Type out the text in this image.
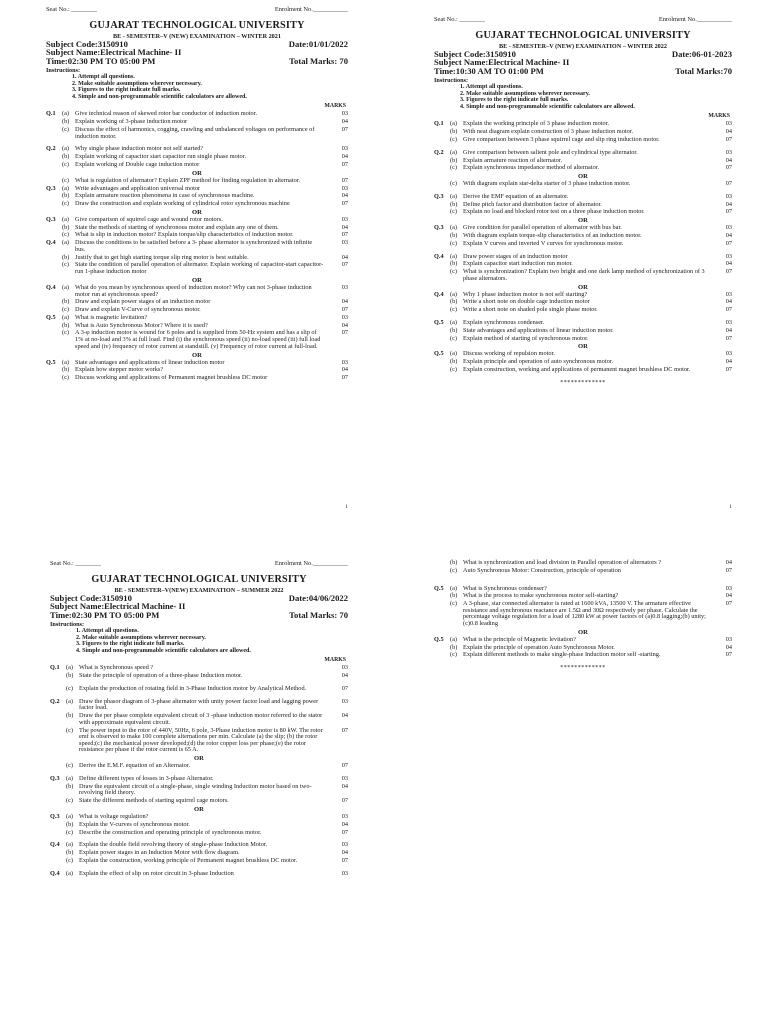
Seat No.: ________	Enrolment No.___________
GUJARAT TECHNOLOGICAL UNIVERSITY
BE - SEMESTER–V (NEW) EXAMINATION – WINTER 2021
Subject Code:3150910	Date:01/01/2022
Subject Name:Electrical Machine- II
Time:02:30 PM TO 05:00 PM	Total Marks: 70
Instructions:
1. Attempt all questions.
2. Make suitable assumptions wherever necessary.
3. Figures to the right indicate full marks.
4. Simple and non-programmable scientific calculators are allowed.
MARKS
Q.1	(a) Give technical reason of skewed rotor bar conductor of induction motor.	03
(b) Explain working of 3-phase induction motor	04
(c) Discuss the effect of harmonics, cogging, crawling and unbalanced voltages on performance of induction motor.
07
Q.2	(a) Why single phase induction motor not self started?	03
(b) Explain working of capacitor start capacitor run single phase motor.	04
(c) Explain working of Double cage induction motor	07
OR
(c) What is regulation of alternator? Explain ZPF method for finding regulation in alternator.	07
Q.3	(a) Write advantages and application universal motor	03
(b) Explain armature reaction phenomena in case of synchronous machine.	04
(c) Draw the construction and explain working of cylindrical rotor synchronous machine	07
OR
Q.3	(a) Give comparison of squirrel cage and wound rotor motors.	03
(b) State the methods of starting of synchronous motor and explain any one of them.	04
(c) What is slip in induction motor? Explain torque/slip characteristics of induction motor.	07
Q.4	(a) Discuss the conditions to be satisfied before a 3- phase alternator is synchronized with infinite bus.
03
(b) Justify that to get high starting torque slip ring motor is best suitable.	04
(c) State the condition of parallel operation of alternator. Explain working of capacitor-start capacitor-run 1-phase induction motor
07
OR
Q.4	(a) What do you mean by synchronous speed of induction motor? Why can not 3-phase induction motor run at synchronous speed?
03
(b) Draw and explain power stages of an induction motor	04
(c) Draw and explain V-Curve of synchronous motor.	07
Q.5	(a) What is magnetic levitation?	03
(b) What is Auto Synchronous Motor? Where it is used?	04
(c) A 3-φ induction motor is wound for 6 poles and is supplied from 50-Hz system and has a slip of 1% at no-load and 3% at full load. Find (i) the synchronous speed (ii) no-load speed (iii) full load speed and (iv) frequency of rotor current at standstill. (v) Frequency of rotor current at full-load.
07
OR
Q.5	(a) State advantages and applications of linear induction motor	03
(b) Explain how stepper motor works?	04
(c) Discuss working and applications of Permanent magnet brushless DC motor	07
1
Seat No.: ________	Enrolment No.___________
GUJARAT TECHNOLOGICAL UNIVERSITY
BE - SEMESTER–V (NEW) EXAMINATION – WINTER 2022
Subject Code:3150910	Date:06-01-2023
Subject Name:Electrical Machine- II
Time:10:30 AM TO 01:00 PM	Total Marks:70
Instructions:
1. Attempt all questions.
2. Make suitable assumptions wherever necessary.
3. Figures to the right indicate full marks.
4. Simple and non-programmable scientific calculators are allowed.
MARKS
Q.1	(a) Explain the working principle of 3 phase induction motor.	03
(b) With neat diagram explain construction of 3 phase induction motor.	04
(c) Give comparison between 3 phase squirrel cage and slip ring induction motor.	07
Q.2	(a) Give comparison between salient pole and cylindrical type alternator.	03
(b) Explain armature reaction of alternator.	04
(c) Explain synchronous impedance method of alternator.	07
OR
(c) With diagram explain star-delta starter of 3 phase induction motor.	07
Q.3	(a) Derive the EMF equation of an alternator.	03
(b) Define pitch factor and distribution factor of alternator.	04
(c) Explain no load and blocked rotor test on a three phase induction motor.	07
OR
Q.3	(a) Give condition for parallel operation of alternator with bus bar.	03
(b) With diagram explain torque-slip characteristics of an induction motor.	04
(c) Explain V curves and inverted V curves for synchronous motor.	07
Q.4	(a) Draw power stages of an induction motor	03
(b) Explain capacitor start induction run motor.	04
(c) What is synchronization? Explain two bright and one dark lamp method of synchronization of 3 phase alternators.
07
OR
Q.4	(a) Why 1 phase induction motor is not self starting?	03
(b) Write a short note on double cage induction motor	04
(c) Write a short note on shaded pole single phase motor.	07
Q.5	(a) Explain synchronous condenser.	03
(b) State advantages and applications of linear induction motor.	04
(c) Explain method of starting of synchronous motor.	07
OR
Q.5	(a) Discuss working of repulsion motor.	03
(b) Explain principle and operation of auto synchronous motor.	04
(c) Explain construction, working and applications of permanent magnet brushless DC motor.	07
*************
1
Seat No.: ________	Enrolment No.___________
GUJARAT TECHNOLOGICAL UNIVERSITY
BE - SEMESTER–V(NEW) EXAMINATION – SUMMER 2022
Subject Code:3150910	Date:04/06/2022
Subject Name:Electrical Machine- II
Time:02:30 PM TO 05:00 PM	Total Marks: 70
Instructions:
1. Attempt all questions.
2. Make suitable assumptions wherever necessary.
3. Figures to the right indicate full marks.
4. Simple and non-programmable scientific calculators are allowed.
MARKS
Q.1	(a) What is Synchronous speed ?	03
(b) State the principle of operation of a three-phase Induction motor.	04
(c) Explain the production of rotating field in 3-Phase Induction motor by Analytical Method.	07
Q.2	(a) Draw the phasor diagram of 3-phase alternator with unity power factor load and lagging power factor load.
03
(b) Draw the per phase complete equivalent circuit of 3 -phase induction motor referred to the stator with approximate equivalent circuit.
04
(c) The power input to the rotor of 440V, 50Hz, 6 pole, 3-Phase induction motor is 80 kW. The rotor emf is observed to make 100 complete alternations per min. Calculate (a) the slip; (b) the rotor speed;(c) the mechanical power developed;(d) the rotor copper loss per phase;(e) the rotor resistance per phase if the rotor current is 65 A.
07
OR
(c) Derive the E.M.F. equation of an Alternator.	07
Q.3	(a) Define different types of losses in 3-phase Alternator.	03
(b) Draw the equivalent circuit of a single-phase, single winding Induction motor based on two-revolving field theory.
04
(c) State the different methods of starting squirrel cage motors.	07
OR
Q.3	(a) What is voltage regulation?	03
(b) Explain the V-curves of synchronous motor.	04
(c) Describe the construction and operating principle of synchronous motor.	07
Q.4	(a) Explain the double field revolving theory of single-phase Induction Motor.	03
(b) Explain power stages in an Induction Motor with flow diagram.	04
(c) Explain the construction, working principle of Permanent magnet brushless DC motor.	07
Q.4	(a) Explain the effect of slip on rotor circuit in 3-phase Induction	03
(b) What is synchronization and load division in Parallel operation of alternators ?	04
(c) Auto Synchronous Motor: Construction, principle of operation	07
Q.5	(a) What is Synchronous condenser?	03
(b) What is the process to make synchronous motor self-starting?	04
(c) A 3-phase, star connected alternator is rated at 1600 kVA, 13500 V. The armature effective resistance and synchronous reactance are 1.5Ω and 30Ω respectively per phase. Calculate the percentage voltage regulation for a load of 1280 kW at power factors of (a)0.8 lagging;(b) unity;(c)0.8 leading
07
OR
Q.5	(a) What is the principle of Magnetic levitation?	03
(b) Explain the principle of operation Auto Synchronous Motor.	04
(c) Explain different methods to make single-phase Induction motor self -starting.	07
*************
